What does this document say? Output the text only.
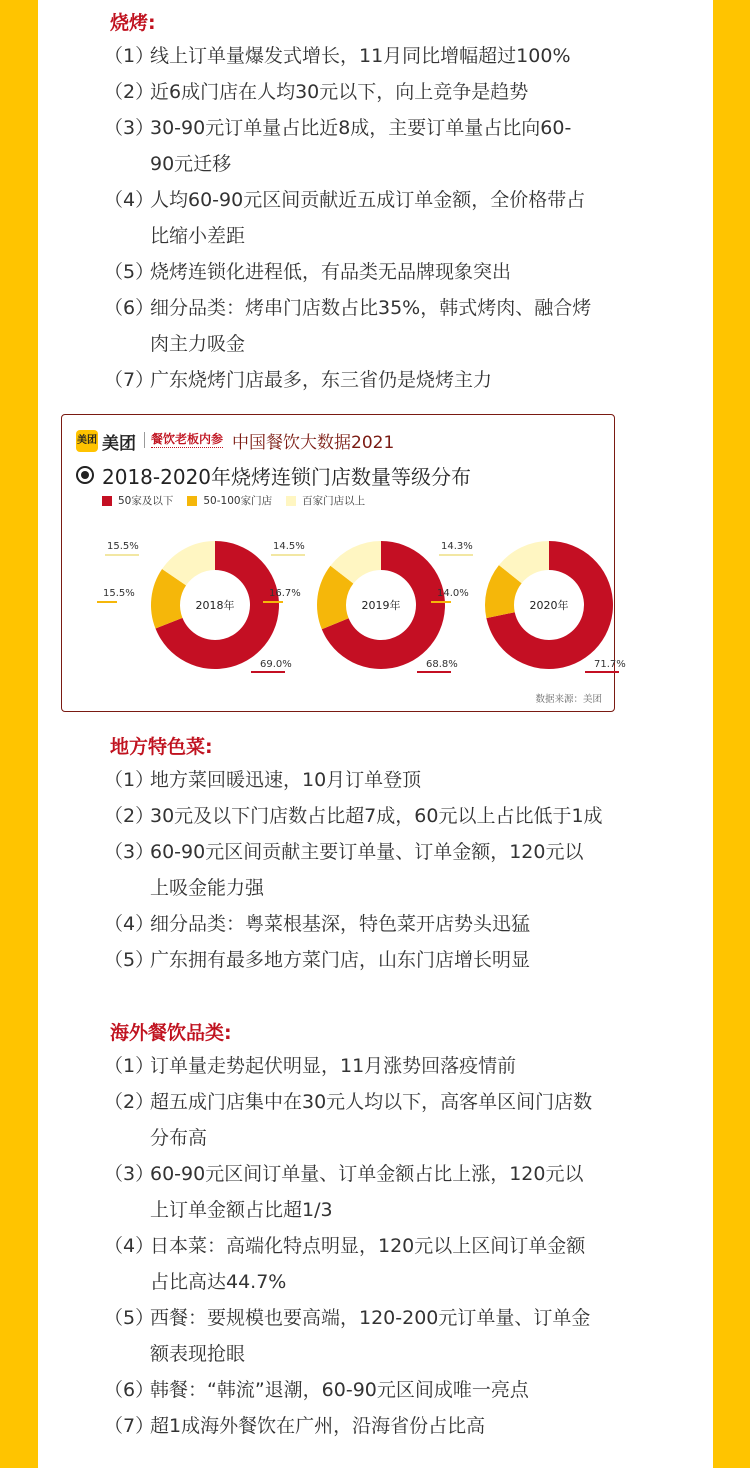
烧烤:
（1）线上订单量爆发式增长，11月同比增幅超过100%
（2）近6成门店在人均30元以下，向上竞争是趋势
（3）30-90元订单量占比近8成，主要订单量占比向60-
90元迁移
（4）人均60-90元区间贡献近五成订单金额，全价格带占
比缩小差距
（5）烧烤连锁化进程低，有品类无品牌现象突出
（6）细分品类：烤串门店数占比35%，韩式烤肉、融合烤
肉主力吸金
（7）广东烧烤门店最多，东三省仍是烧烤主力
地方特色菜:
（1）地方菜回暖迅速，10月订单登顶
（2）30元及以下门店数占比超7成，60元以上占比低于1成
（3）60-90元区间贡献主要订单量、订单金额，120元以
上吸金能力强
（4）细分品类：粤菜根基深，特色菜开店势头迅猛
（5）广东拥有最多地方菜门店，山东门店增长明显
海外餐饮品类:
（1）订单量走势起伏明显，11月涨势回落疫情前
（2）超五成门店集中在30元人均以下，高客单区间门店数
分布高
（3）60-90元区间订单量、订单金额占比上涨，120元以
上订单金额占比超1/3
（4）日本菜：高端化特点明显，120元以上区间订单金额
占比高达44.7%
（5）西餐：要规模也要高端，120-200元订单量、订单金
额表现抢眼
（6）韩餐：“韩流”退潮，60-90元区间成唯一亮点
（7）超1成海外餐饮在广州，沿海省份占比高
美团 美团 餐饮老板内参 中国餐饮大数据2021
2018-2020年烧烤连锁门店数量等级分布
50家及以下	50-100家门店	百家门店以上
2018年
69.0%
15.5%
15.5%
2019年
68.8%
16.7%
14.5%
2020年
71.7%
14.0%
14.3%
数据来源：美团
